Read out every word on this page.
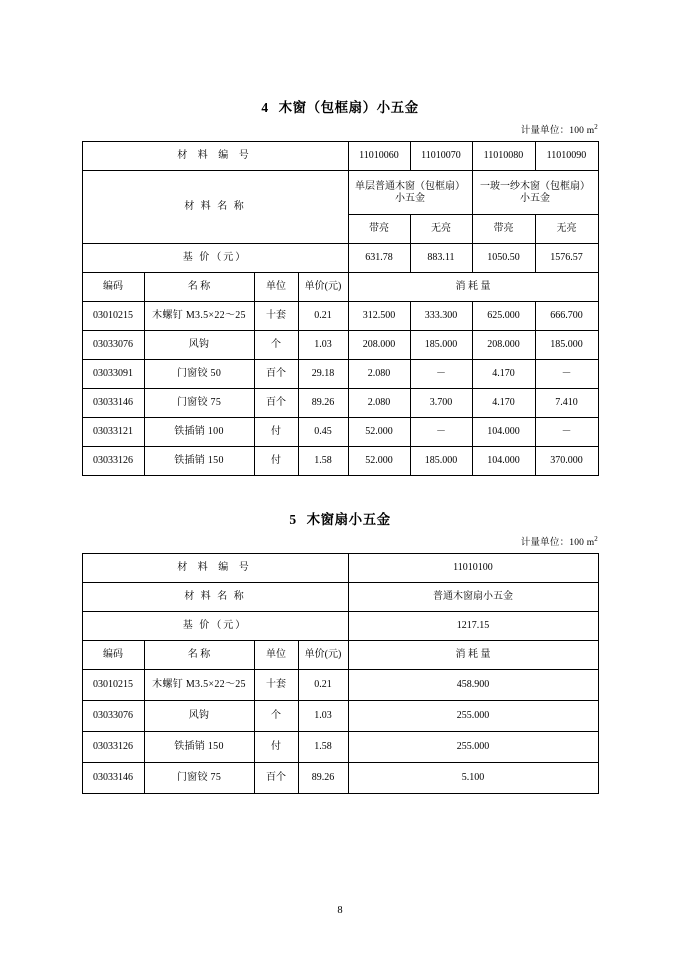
4 木窗（包框扇）小五金
计量单位：100 $m^2$
材 料 编 号				11010060	11010070	11010080	11010090
材 料 名 称				单层普通木窗（包框扇）小五金		一玻一纱木窗（包框扇）小五金	
				带亮	无亮	带亮	无亮
基 价（元）				631.78	883.11	1050.50	1576.57
编码	名 称	单位	单价(元)	消 耗 量			
03010215	木螺钉 M3.5×22～25	十套	0.21	312.500	333.300	625.000	666.700
03033076	风钩	个	1.03	208.000	185.000	208.000	185.000
03033091	门窗铰 50	百个	29.18	2.080	－	4.170	－
03033146	门窗铰 75	百个	89.26	2.080	3.700	4.170	7.410
03033121	铁插销 100	付	0.45	52.000	－	104.000	－
03033126	铁插销 150	付	1.58	52.000	185.000	104.000	370.000
5 木窗扇小五金
计量单位：100 $m^2$
材 料 编 号				11010100
材 料 名 称				普通木窗扇小五金
基 价（元）				1217.15
编码	名 称	单位	单价(元)	消 耗 量
03010215	木螺钉 M3.5×22～25	十套	0.21	458.900
03033076	风钩	个	1.03	255.000
03033126	铁插销 150	付	1.58	255.000
03033146	门窗铰 75	百个	89.26	5.100
8
